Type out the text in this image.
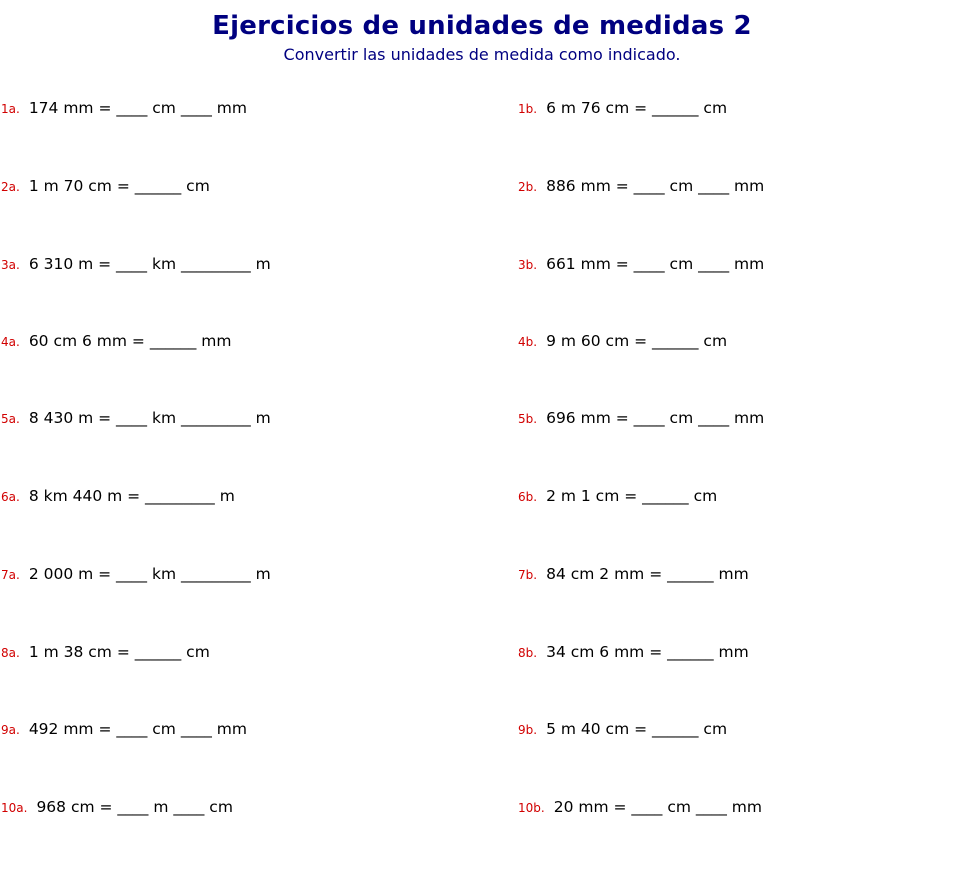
Ejercicios de unidades de medidas 2

Convertir las unidades de medida como indicado.

1a. 174 mm = ____ cm ____ mm	1b. 6 m 76 cm = ______ cm
2a. 1 m 70 cm = ______ cm	2b. 886 mm = ____ cm ____ mm
3a. 6 310 m = ____ km _________ m	3b. 661 mm = ____ cm ____ mm
4a. 60 cm 6 mm = ______ mm	4b. 9 m 60 cm = ______ cm
5a. 8 430 m = ____ km _________ m	5b. 696 mm = ____ cm ____ mm
6a. 8 km 440 m = _________ m	6b. 2 m 1 cm = ______ cm
7a. 2 000 m = ____ km _________ m	7b. 84 cm 2 mm = ______ mm
8a. 1 m 38 cm = ______ cm	8b. 34 cm 6 mm = ______ mm
9a. 492 mm = ____ cm ____ mm	9b. 5 m 40 cm = ______ cm
10a. 968 cm = ____ m ____ cm	10b. 20 mm = ____ cm ____ mm
